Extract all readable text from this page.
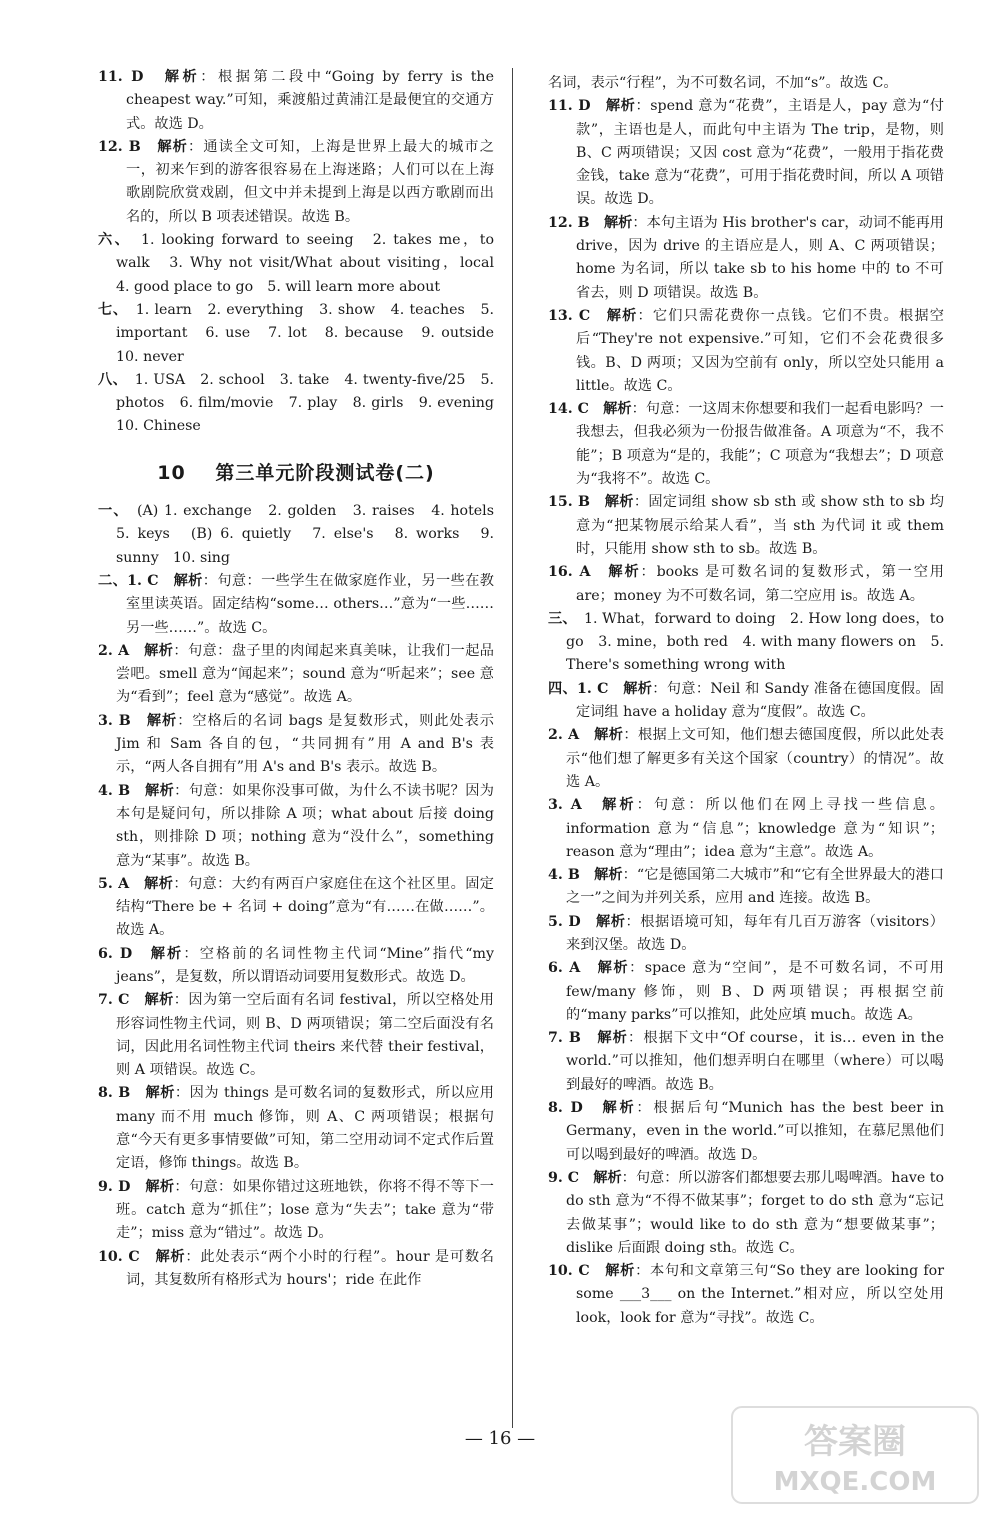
11. D　 解析：根据第二段中“Going by ferry is the cheapest way.”可知，乘渡船过黄浦江是最便宜的交通方式。故选 D。

12. B　 解析：通读全文可知，上海是世界上最大的城市之一，初来乍到的游客很容易在上海迷路；人们可以在上海歌剧院欣赏戏剧，但文中并未提到上海是以西方歌剧而出名的，所以 B 项表述错误。故选 B。

六、　 1. looking forward to seeing　2. takes me，to walk　3. Why not visit/What about visiting，local　4. good place to go　5. will learn more about

七、　 1. learn　2. everything　3. show　4. teaches　5. important　6. use　7. lot　8. because　9. outside　10. never

八、　 1. USA　2. school　3. take　4. twenty-five/25　5. photos　6. film/movie　7. play　8. girls　9. evening　10. Chinese

10 第三单元阶段测试卷(二)

一、　 (A) 1. exchange　2. golden　3. raises　4. hotels　5. keys　(B) 6. quietly　7. else's　8. works　9. sunny　10. sing

二、1. C　 解析：句意：一些学生在做家庭作业，另一些在教室里读英语。固定结构“some… others…”意为“一些……另一些……”。故选 C。

2. A　 解析：句意：盘子里的肉闻起来真美味，让我们一起品尝吧。smell 意为“闻起来”；sound 意为“听起来”；see 意为“看到”；feel 意为“感觉”。故选 A。

3. B　 解析：空格后的名词 bags 是复数形式，则此处表示 Jim 和 Sam 各自的包，“共同拥有”用 A and B's 表示，“两人各自拥有”用 A's and B's 表示。故选 B。

4. B　 解析：句意：如果你没事可做，为什么不读书呢？因为本句是疑问句，所以排除 A 项；what about 后接 doing sth，则排除 D 项；nothing 意为“没什么”，something 意为“某事”。故选 B。

5. A　 解析：句意：大约有两百户家庭住在这个社区里。固定结构“There be + 名词 + doing”意为“有……在做……”。故选 A。

6. D　 解析：空格前的名词性物主代词“Mine”指代“my jeans”，是复数，所以谓语动词要用复数形式。故选 D。

7. C　 解析：因为第一空后面有名词 festival，所以空格处用形容词性物主代词，则 B、D 两项错误；第二空后面没有名词，因此用名词性物主代词 theirs 来代替 their festival，则 A 项错误。故选 C。

8. B　 解析：因为 things 是可数名词的复数形式，所以应用 many 而不用 much 修饰，则 A、C 两项错误；根据句意“今天有更多事情要做”可知，第二空用动词不定式作后置定语，修饰 things。故选 B。

9. D　 解析：句意：如果你错过这班地铁，你将不得不等下一班。catch 意为“抓住”；lose 意为“失去”；take 意为“带走”；miss 意为“错过”。故选 D。

10. C　 解析：此处表示“两个小时的行程”。hour 是可数名词，其复数所有格形式为 hours'；ride 在此作

名词，表示“行程”，为不可数名词，不加“s”。故选 C。

11. D　 解析：spend 意为“花费”，主语是人，pay 意为“付款”，主语也是人，而此句中主语为 The trip，是物，则 B、C 两项错误；又因 cost 意为“花费”，一般用于指花费金钱，take 意为“花费”，可用于指花费时间，所以 A 项错误。故选 D。

12. B　 解析：本句主语为 His brother's car，动词不能再用 drive，因为 drive 的主语应是人，则 A、C 两项错误；home 为名词，所以 take sb to his home 中的 to 不可省去，则 D 项错误。故选 B。

13. C　 解析：它们只需花费你一点钱。它们不贵。根据空后“They're not expensive.”可知，它们不会花费很多钱。B、D 两项；又因为空前有 only，所以空处只能用 a little。故选 C。

14. C　 解析：句意：一这周末你想要和我们一起看电影吗？一我想去，但我必须为一份报告做准备。A 项意为“不，我不能”；B 项意为“是的，我能”；C 项意为“我想去”；D 项意为“我将不”。故选 C。

15. B　 解析：固定词组 show sb sth 或 show sth to sb 均意为“把某物展示给某人看”，当 sth 为代词 it 或 them 时，只能用 show sth to sb。故选 B。

16. A　 解析：books 是可数名词的复数形式，第一空用 are；money 为不可数名词，第二空应用 is。故选 A。

三、　 1. What，forward to doing　2. How long does，to go　3. mine，both red　4. with many flowers on　5. There's something wrong with

四、1. C　 解析：句意：Neil 和 Sandy 准备在德国度假。固定词组 have a holiday 意为“度假”。故选 C。

2. A　 解析：根据上文可知，他们想去德国度假，所以此处表示“他们想了解更多有关这个国家（country）的情况”。故选 A。

3. A　 解析：句意：所以他们在网上寻找一些信息。information 意为“信息”；knowledge 意为“知识”；reason 意为“理由”；idea 意为“主意”。故选 A。

4. B　 解析：“它是德国第二大城市”和“它有全世界最大的港口之一”之间为并列关系，应用 and 连接。故选 B。

5. D　 解析：根据语境可知，每年有几百万游客（visitors）来到汉堡。故选 D。

6. A　 解析：space 意为“空间”，是不可数名词，不可用 few/many 修饰，则 B、D 两项错误；再根据空前的“many parks”可以推知，此处应填 much。故选 A。

7. B　 解析：根据下文中“Of course，it is… even in the world.”可以推知，他们想弄明白在哪里（where）可以喝到最好的啤酒。故选 B。

8. D　 解析：根据后句“Munich has the best beer in Germany，even in the world.”可以推知，在慕尼黑他们可以喝到最好的啤酒。故选 D。

9. C　 解析：句意：所以游客们都想要去那儿喝啤酒。have to do sth 意为“不得不做某事”；forget to do sth 意为“忘记去做某事”；would like to do sth 意为“想要做某事”；dislike 后面跟 doing sth。故选 C。

10. C　 解析：本句和文章第三句“So they are looking for some ___3___ on the Internet.”相对应，所以空处用 look，look for 意为“寻找”。故选 C。

— 16 —	答案圈
MXQE.COM
